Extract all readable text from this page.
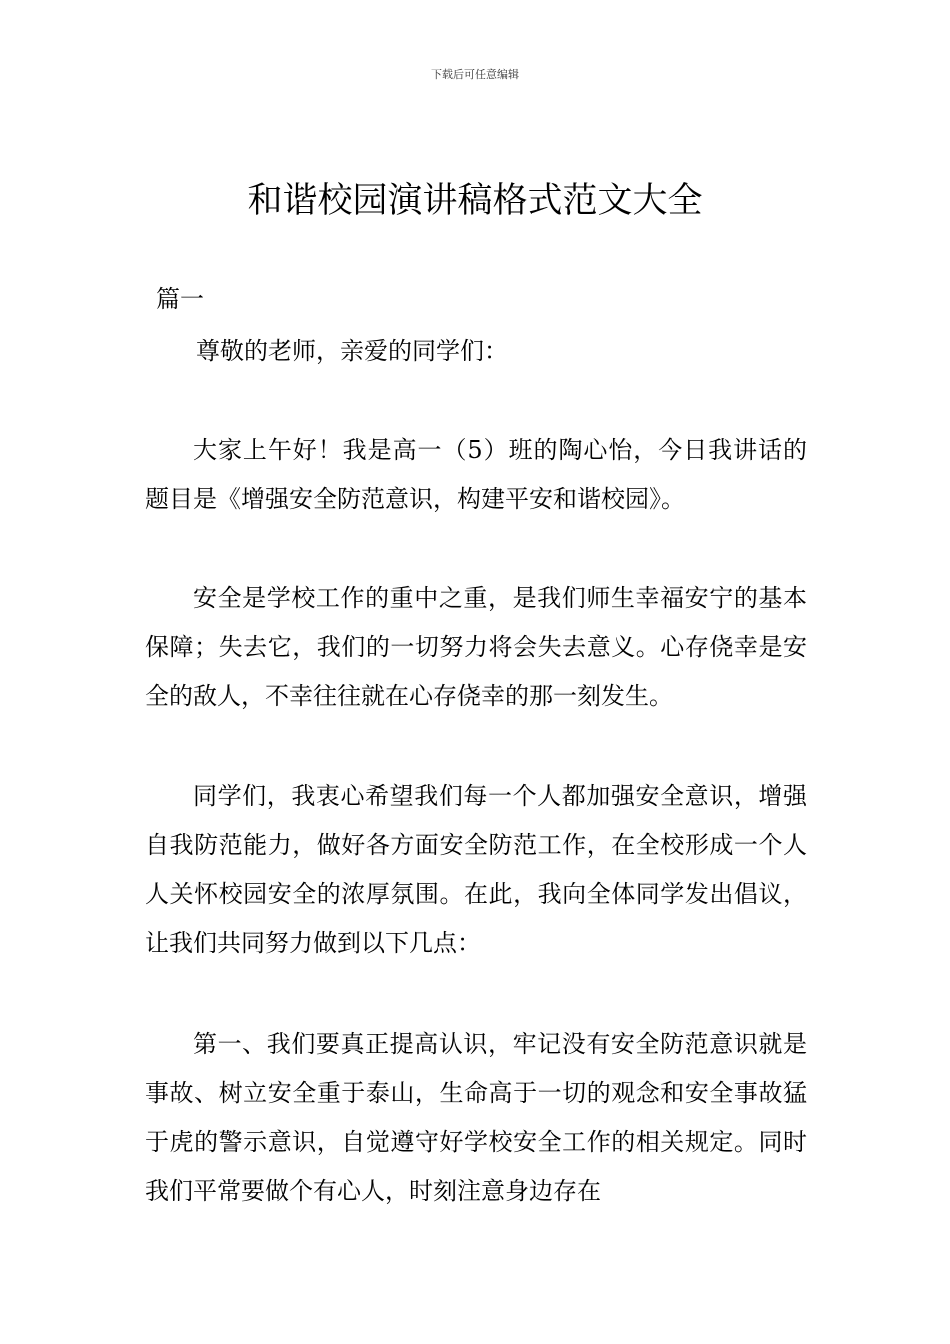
下载后可任意编辑
和谐校园演讲稿格式范文大全
篇一
尊敬的老师，亲爱的同学们：

大家上午好！我是高一（5）班的陶心怡，今日我讲话的题目是《增强安全防范意识，构建平安和谐校园》。

安全是学校工作的重中之重，是我们师生幸福安宁的基本保障；失去它，我们的一切努力将会失去意义。心存侥幸是安全的敌人，不幸往往就在心存侥幸的那一刻发生。

同学们，我衷心希望我们每一个人都加强安全意识，增强自我防范能力，做好各方面安全防范工作，在全校形成一个人人关怀校园安全的浓厚氛围。在此，我向全体同学发出倡议，让我们共同努力做到以下几点：

第一、我们要真正提高认识，牢记没有安全防范意识就是事故、树立安全重于泰山，生命高于一切的观念和安全事故猛于虎的警示意识，自觉遵守好学校安全工作的相关规定。同时我们平常要做个有心人，时刻注意身边存在
